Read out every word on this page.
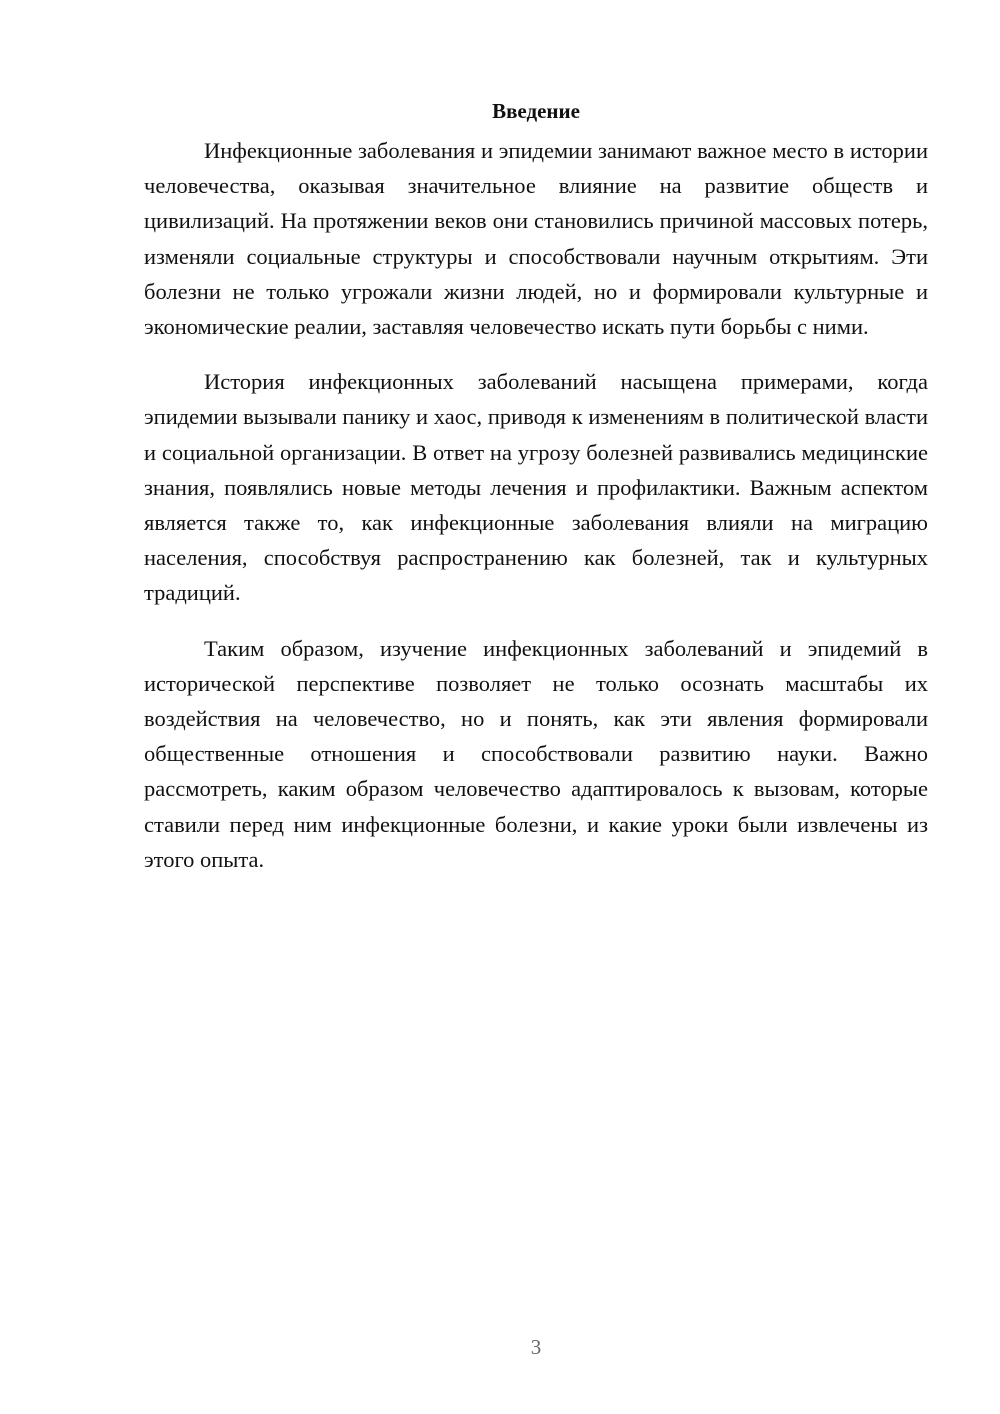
Введение

Инфекционные заболевания и эпидемии занимают важное место в истории человечества, оказывая значительное влияние на развитие обществ и цивилизаций. На протяжении веков они становились причиной массовых потерь, изменяли социальные структуры и способствовали научным открытиям. Эти болезни не только угрожали жизни людей, но и формировали культурные и экономические реалии, заставляя человечество искать пути борьбы с ними.

История инфекционных заболеваний насыщена примерами, когда эпидемии вызывали панику и хаос, приводя к изменениям в политической власти и социальной организации. В ответ на угрозу болезней развивались медицинские знания, появлялись новые методы лечения и профилактики. Важным аспектом является также то, как инфекционные заболевания влияли на миграцию населения, способствуя распространению как болезней, так и культурных традиций.

Таким образом, изучение инфекционных заболеваний и эпидемий в исторической перспективе позволяет не только осознать масштабы их воздействия на человечество, но и понять, как эти явления формировали общественные отношения и способствовали развитию науки. Важно рассмотреть, каким образом человечество адаптировалось к вызовам, которые ставили перед ним инфекционные болезни, и какие уроки были извлечены из этого опыта.

3
